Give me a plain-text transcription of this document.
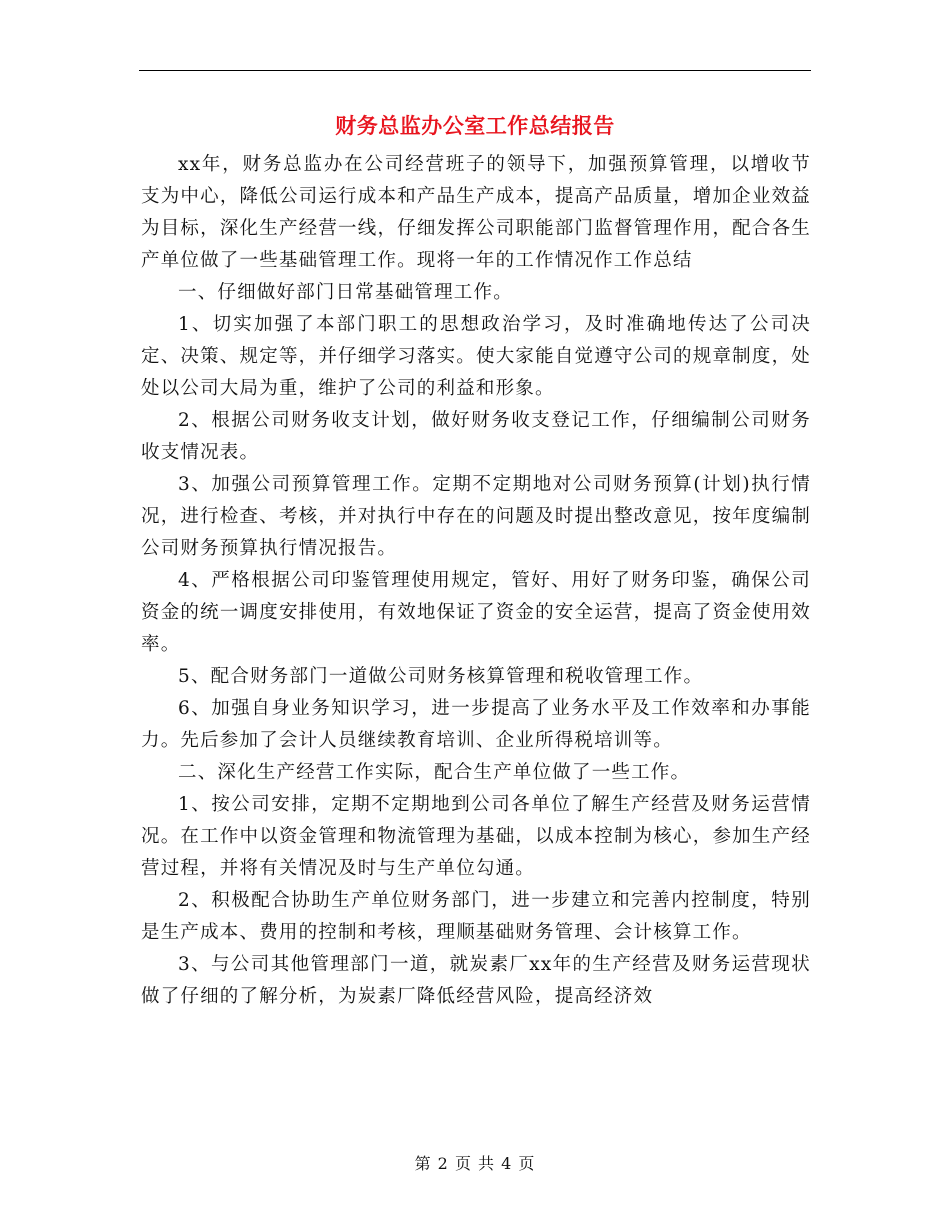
财务总监办公室工作总结报告

xx年，财务总监办在公司经营班子的领导下，加强预算管理，以增收节支为中心，降低公司运行成本和产品生产成本，提高产品质量，增加企业效益为目标，深化生产经营一线，仔细发挥公司职能部门监督管理作用，配合各生产单位做了一些基础管理工作。现将一年的工作情况作工作总结

一、仔细做好部门日常基础管理工作。

1、切实加强了本部门职工的思想政治学习，及时准确地传达了公司决定、决策、规定等，并仔细学习落实。使大家能自觉遵守公司的规章制度，处处以公司大局为重，维护了公司的利益和形象。

2、根据公司财务收支计划，做好财务收支登记工作，仔细编制公司财务收支情况表。

3、加强公司预算管理工作。定期不定期地对公司财务预算(计划)执行情况，进行检查、考核，并对执行中存在的问题及时提出整改意见，按年度编制公司财务预算执行情况报告。

4、严格根据公司印鉴管理使用规定，管好、用好了财务印鉴，确保公司资金的统一调度安排使用，有效地保证了资金的安全运营，提高了资金使用效率。

5、配合财务部门一道做公司财务核算管理和税收管理工作。

6、加强自身业务知识学习，进一步提高了业务水平及工作效率和办事能力。先后参加了会计人员继续教育培训、企业所得税培训等。

二、深化生产经营工作实际，配合生产单位做了一些工作。

1、按公司安排，定期不定期地到公司各单位了解生产经营及财务运营情况。在工作中以资金管理和物流管理为基础，以成本控制为核心，参加生产经营过程，并将有关情况及时与生产单位勾通。

2、积极配合协助生产单位财务部门，进一步建立和完善内控制度，特别是生产成本、费用的控制和考核，理顺基础财务管理、会计核算工作。

3、与公司其他管理部门一道，就炭素厂xx年的生产经营及财务运营现状做了仔细的了解分析，为炭素厂降低经营风险，提高经济效

第 2 页 共 4 页
